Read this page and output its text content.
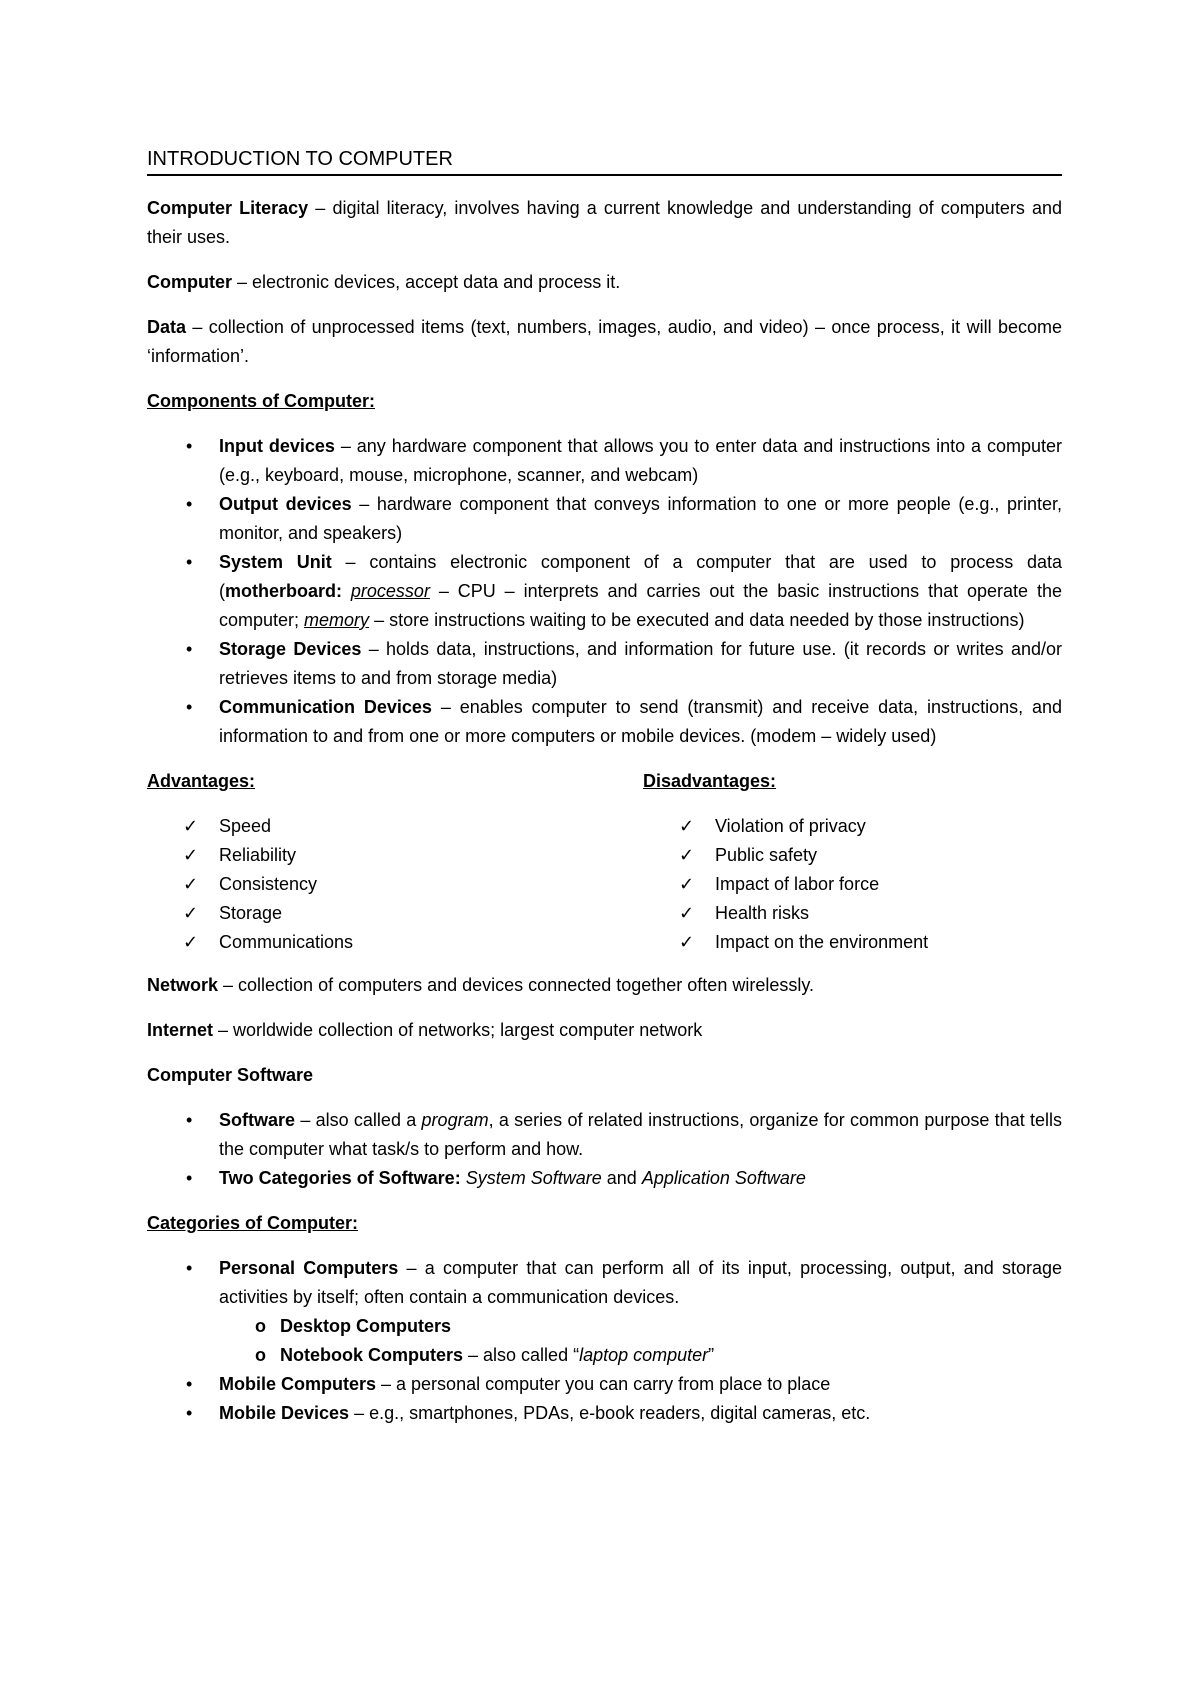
INTRODUCTION TO COMPUTER

Computer Literacy – digital literacy, involves having a current knowledge and understanding of computers and their uses.

Computer – electronic devices, accept data and process it.

Data – collection of unprocessed items (text, numbers, images, audio, and video) – once process, it will become ‘information’.

Components of Computer:
• Input devices – any hardware component that allows you to enter data and instructions into a computer (e.g., keyboard, mouse, microphone, scanner, and webcam)
• Output devices – hardware component that conveys information to one or more people (e.g., printer, monitor, and speakers)
• System Unit – contains electronic component of a computer that are used to process data (motherboard: processor – CPU – interprets and carries out the basic instructions that operate the computer; memory – store instructions waiting to be executed and data needed by those instructions)
• Storage Devices – holds data, instructions, and information for future use. (it records or writes and/or retrieves items to and from storage media)
• Communication Devices – enables computer to send (transmit) and receive data, instructions, and information to and from one or more computers or mobile devices. (modem – widely used)
Advantages:
✓ Speed
✓ Reliability
✓ Consistency
✓ Storage
✓ Communications
Disadvantages:
✓ Violation of privacy
✓ Public safety
✓ Impact of labor force
✓ Health risks
✓ Impact on the environment

Network – collection of computers and devices connected together often wirelessly.

Internet – worldwide collection of networks; largest computer network

Computer Software

• Software – also called a program, a series of related instructions, organize for common purpose that tells the computer what task/s to perform and how.
• Two Categories of Software: System Software and Application Software
Categories of Computer:
• Personal Computers – a computer that can perform all of its input, processing, output, and storage activities by itself; often contain a communication devices.
o Desktop Computers
o Notebook Computers – also called “laptop computer”
• Mobile Computers – a personal computer you can carry from place to place
• Mobile Devices – e.g., smartphones, PDAs, e-book readers, digital cameras, etc.
